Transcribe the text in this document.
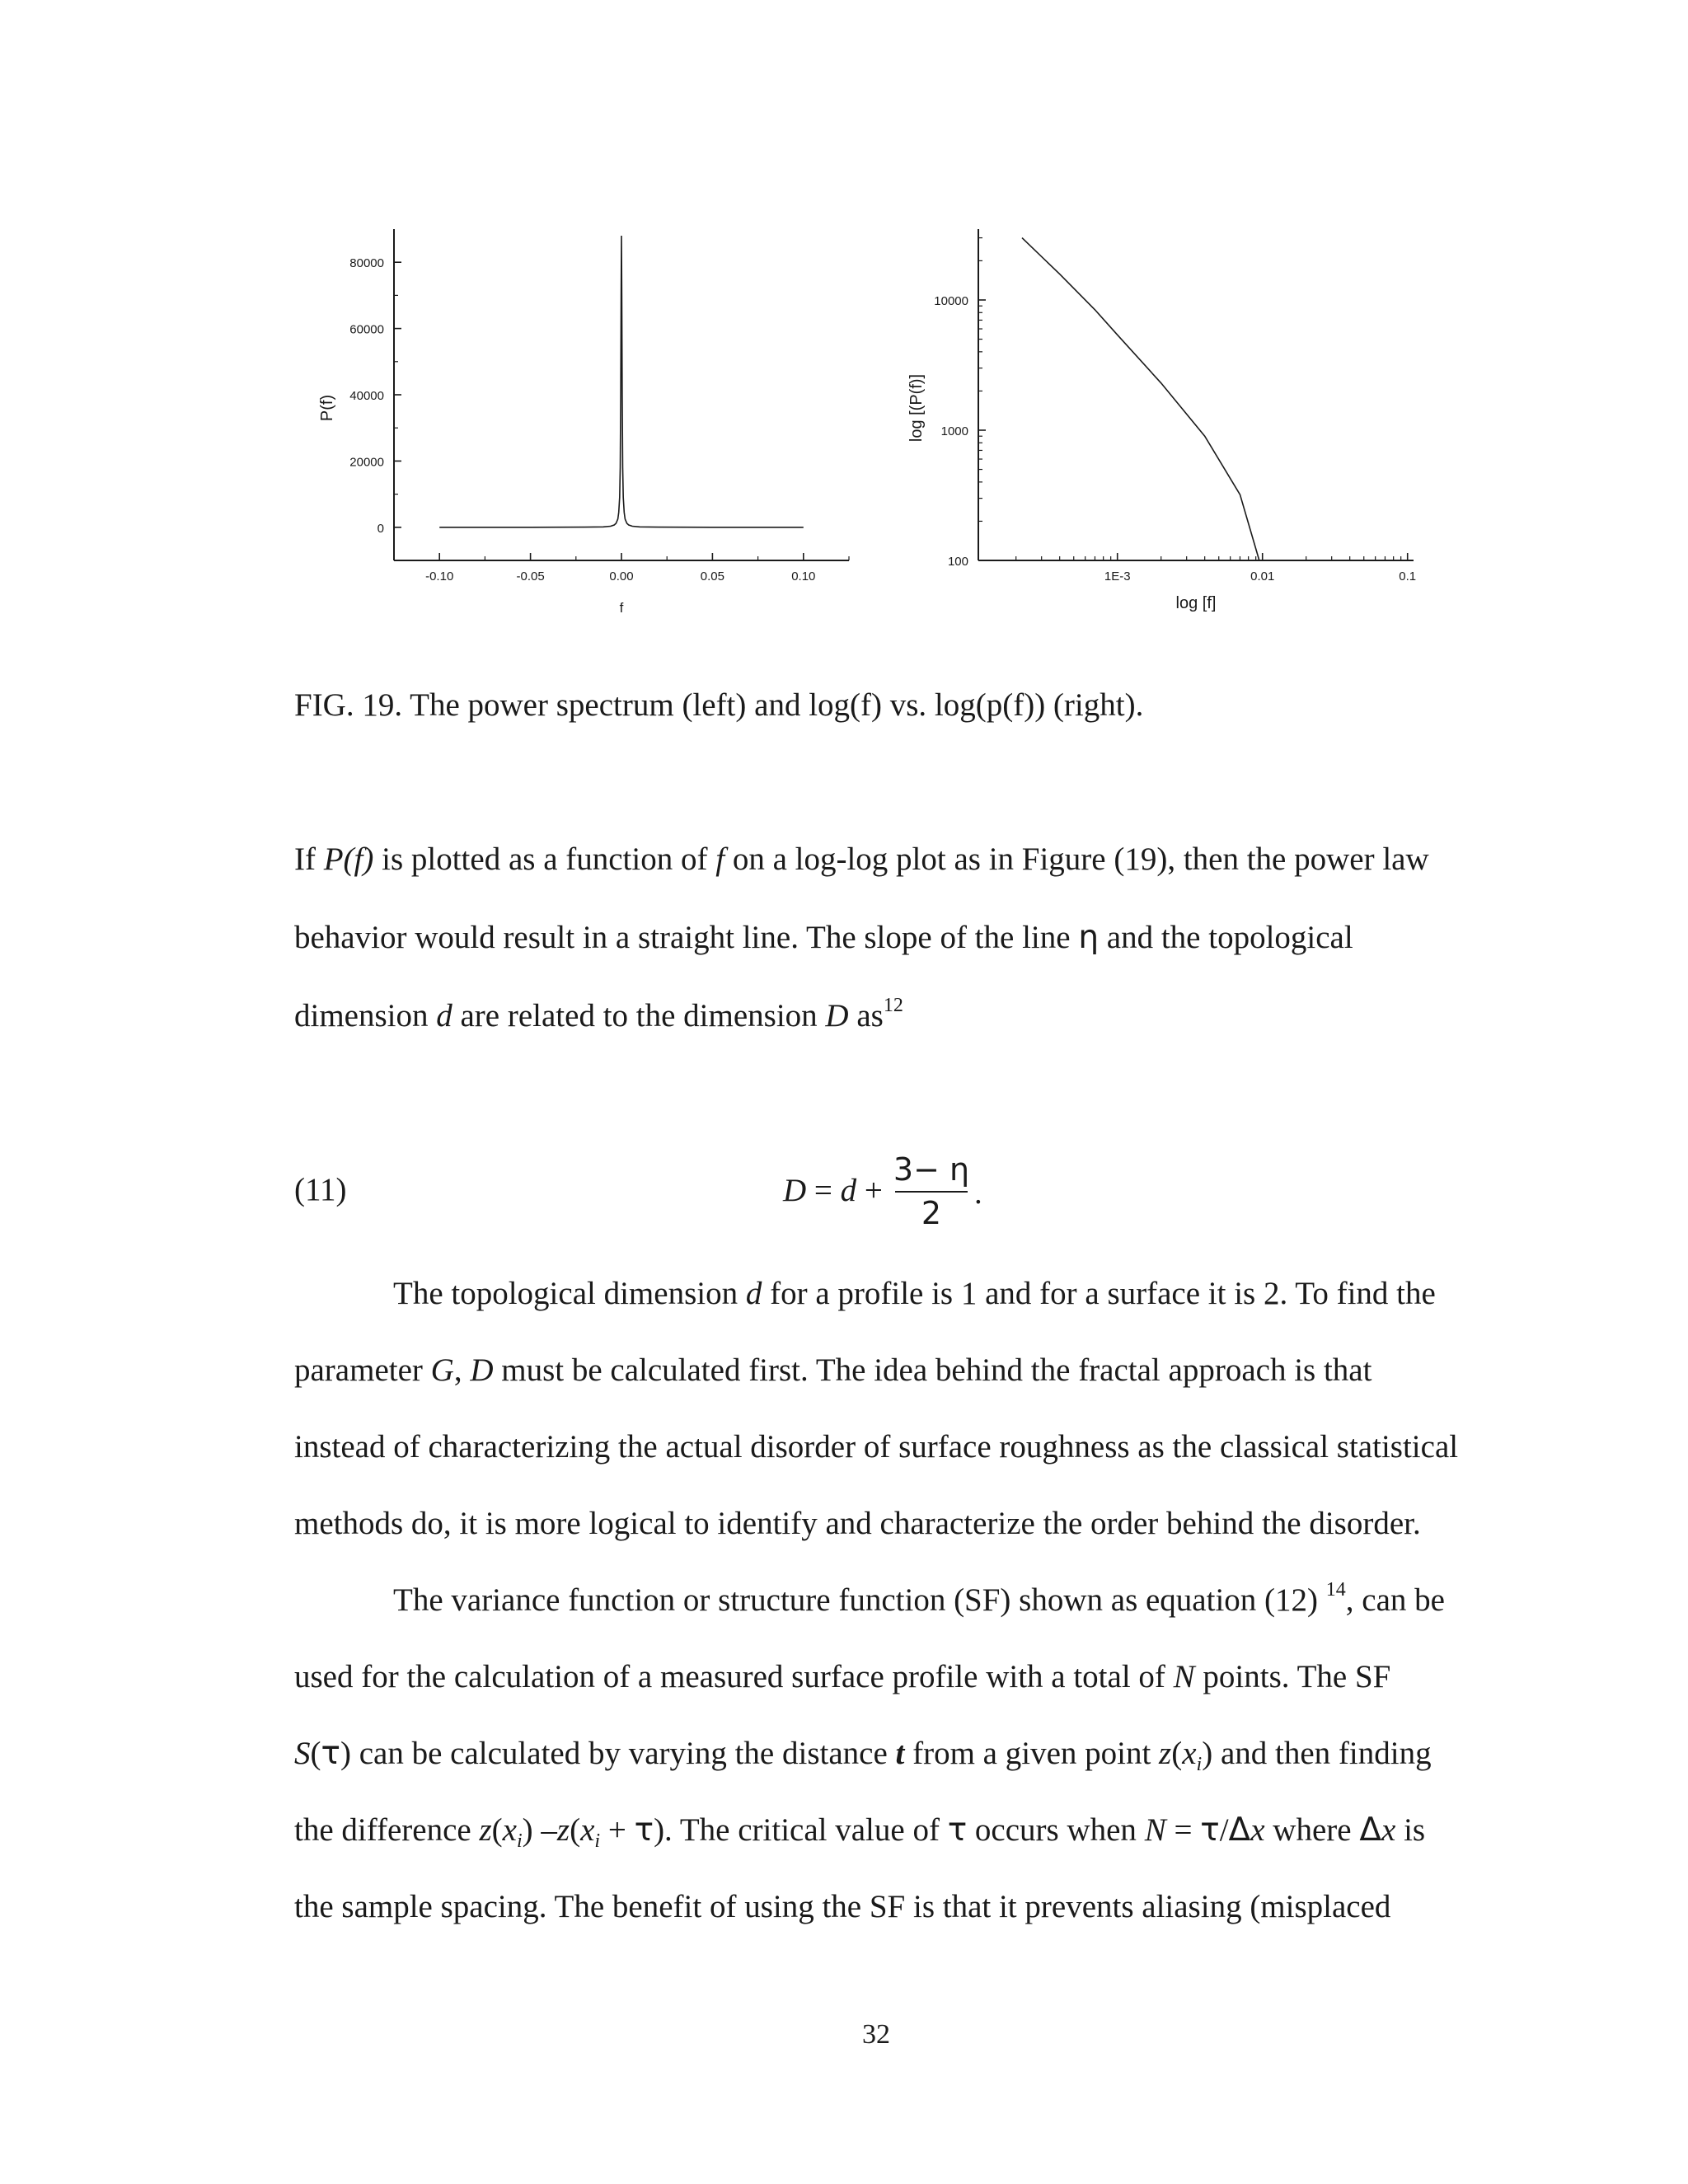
0
20000
40000
60000
80000
-0.10	-0.05	0.00	0.05	0.10
f
P(f)
100
1000
10000
1E-3	0.01	0.1
log [f]
log [(P(f)]
FIG. 19. The power spectrum (left) and log(f) vs. log(p(f)) (right).
If P(f) is plotted as a function of f on a log-log plot as in Figure (19), then the power law
behavior would result in a straight line. The slope of the line η and the topological
dimension d are related to the dimension D $as^{12}$
(11)	D = d +
3− η
2
.
The topological dimension d for a profile is 1 and for a surface it is 2. To find the
parameter G, D must be calculated first. The idea behind the fractal approach is that
instead of characterizing the actual disorder of surface roughness as the classical statistical
methods do, it is more logical to identify and characterize the order behind the disorder.
The variance function or structure function (SF) shown as equation (12) $^{14}$, can be
used for the calculation of a measured surface profile with a total of N points. The SF
S(τ) can be calculated by varying the distance t from a given point $z(x_i)$ and then finding
the difference $z(x_i) -z(x_i + \tau)$. The critical value of τ occurs when N = τ/Δx where Δx is
the sample spacing. The benefit of using the SF is that it prevents aliasing (misplaced
32
